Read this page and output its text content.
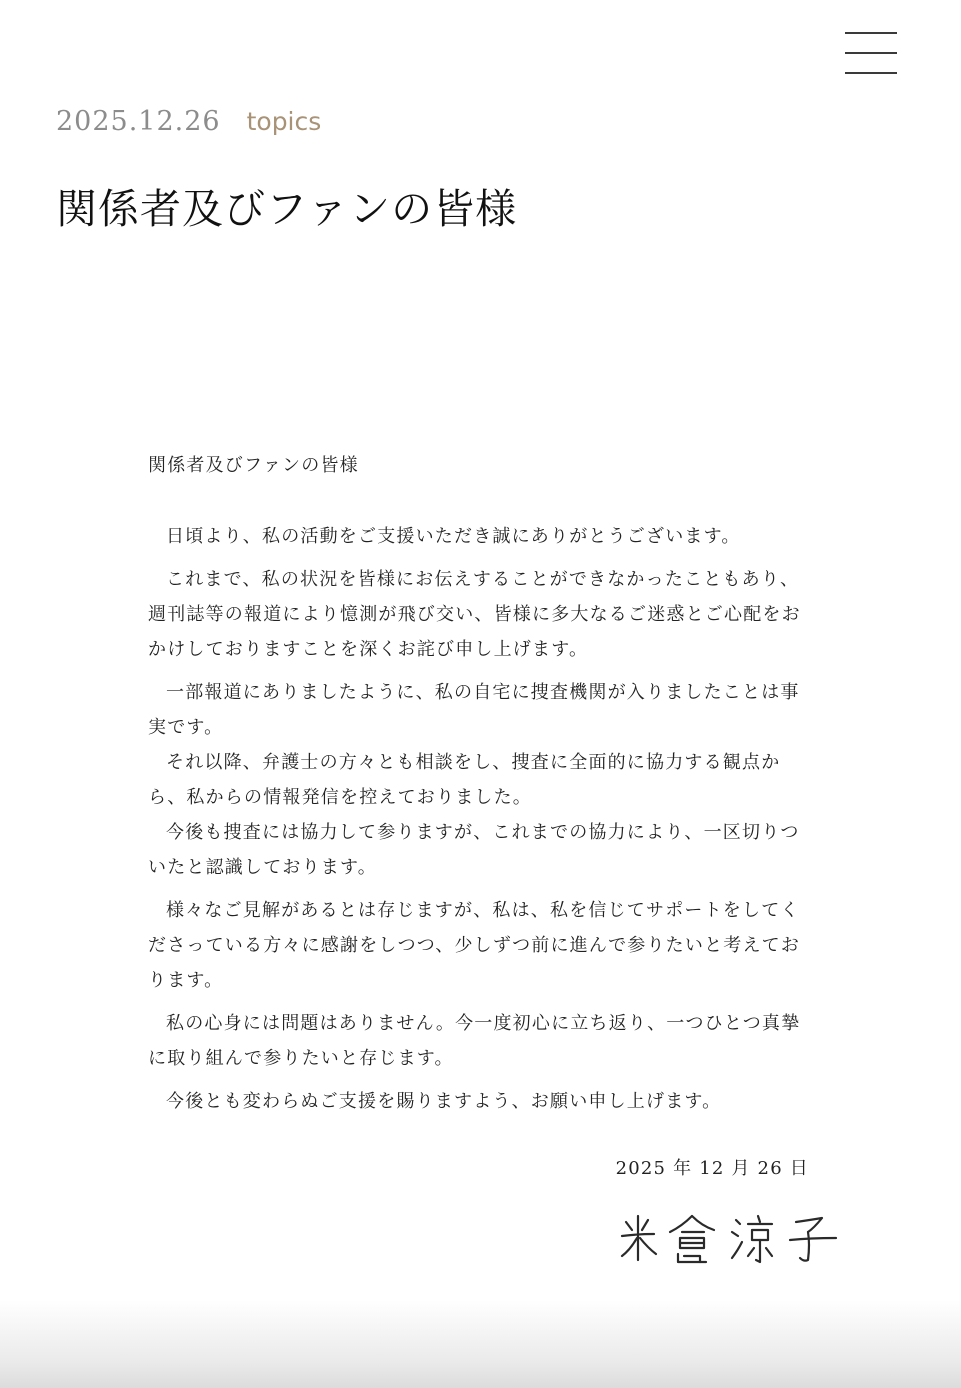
2025.12.26 topics
関係者及びファンの皆様

関係者及びファンの皆様

日頃より、私の活動をご支援いただき誠にありがとうございます。

これまで、私の状況を皆様にお伝えすることができなかったこともあり、週刊誌等の報道により憶測が飛び交い、皆様に多大なるご迷惑とご心配をおかけしておりますことを深くお詫び申し上げます。

一部報道にありましたように、私の自宅に捜査機関が入りましたことは事実です。

それ以降、弁護士の方々とも相談をし、捜査に全面的に協力する観点から、私からの情報発信を控えておりました。

今後も捜査には協力して参りますが、これまでの協力により、一区切りついたと認識しております。

様々なご見解があるとは存じますが、私は、私を信じてサポートをしてくださっている方々に感謝をしつつ、少しずつ前に進んで参りたいと考えております。

私の心身には問題はありません。今一度初心に立ち返り、一つひとつ真摯に取り組んで参りたいと存じます。

今後とも変わらぬご支援を賜りますよう、お願い申し上げます。

2025 年 12 月 26 日
